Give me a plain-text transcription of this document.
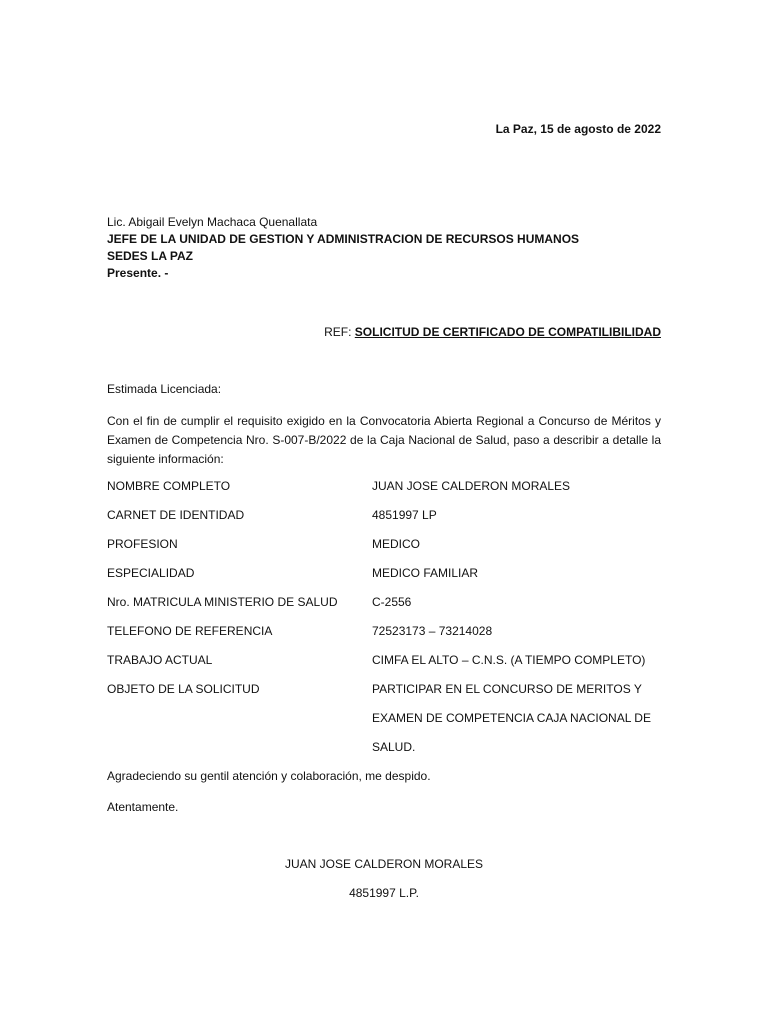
La Paz, 15 de agosto de 2022
Lic. Abigail Evelyn Machaca Quenallata
JEFE DE LA UNIDAD DE GESTION Y ADMINISTRACION DE RECURSOS HUMANOS
SEDES LA PAZ
Presente. -
REF: SOLICITUD DE CERTIFICADO DE COMPATILIBILIDAD
Estimada Licenciada:
Con el fin de cumplir el requisito exigido en la Convocatoria Abierta Regional a Concurso de Méritos y Examen de Competencia Nro. S-007-B/2022 de la Caja Nacional de Salud, paso a describir a detalle la siguiente información:
NOMBRE COMPLETO	JUAN JOSE CALDERON MORALES
CARNET DE IDENTIDAD	4851997 LP
PROFESION	MEDICO
ESPECIALIDAD	MEDICO FAMILIAR
Nro. MATRICULA MINISTERIO DE SALUD	C-2556
TELEFONO DE REFERENCIA	72523173 – 73214028
TRABAJO ACTUAL	CIMFA EL ALTO – C.N.S. (A TIEMPO COMPLETO)
OBJETO DE LA SOLICITUD	PARTICIPAR EN EL CONCURSO DE MERITOS Y
EXAMEN DE COMPETENCIA CAJA NACIONAL DE
SALUD.
Agradeciendo su gentil atención y colaboración, me despido.
Atentamente.
JUAN JOSE CALDERON MORALES
4851997 L.P.
